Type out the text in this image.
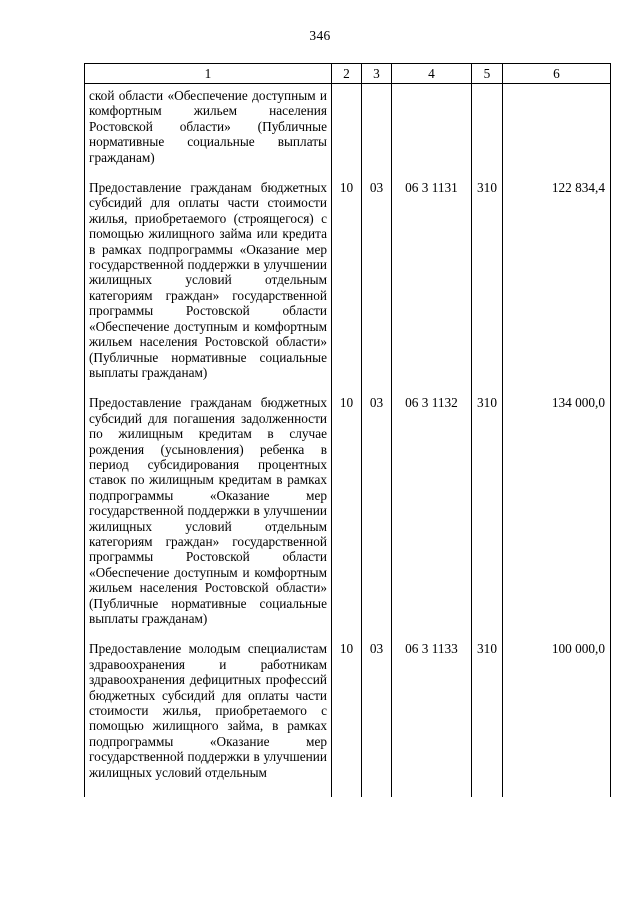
346
1	2	3	4	5	6
ской области «Обеспечение доступным и комфортным жильем населения Ростовской области» (Публичные нормативные социальные выплаты гражданам)					
Предоставление гражданам бюджетных субсидий для оплаты части стоимости жилья, приобретаемого (строящегося) с помощью жилищного займа или кредита в рамках подпрограммы «Оказание мер государственной поддержки в улучшении жилищных условий отдельным категориям граждан» государственной программы Ростовской области «Обеспечение доступным и комфортным жильем населения Ростовской области» (Публичные нормативные социальные выплаты гражданам)	10	03	06 3 1131	310	122 834,4
Предоставление гражданам бюджетных субсидий для погашения задолженности по жилищным кредитам в случае рождения (усыновления) ребенка в период субсидирования процентных ставок по жилищным кредитам в рамках подпрограммы «Оказание мер государственной поддержки в улучшении жилищных условий отдельным категориям граждан» государственной программы Ростовской области «Обеспечение доступным и комфортным жильем населения Ростовской области» (Публичные нормативные социальные выплаты гражданам)	10	03	06 3 1132	310	134 000,0
Предоставление молодым специалистам здравоохранения и работникам здравоохранения дефицитных профессий бюджетных субсидий для оплаты части стоимости жилья, приобретаемого с помощью жилищного займа, в рамках подпрограммы «Оказание мер государственной поддержки в улучшении жилищных условий отдельным	10	03	06 3 1133	310	100 000,0
